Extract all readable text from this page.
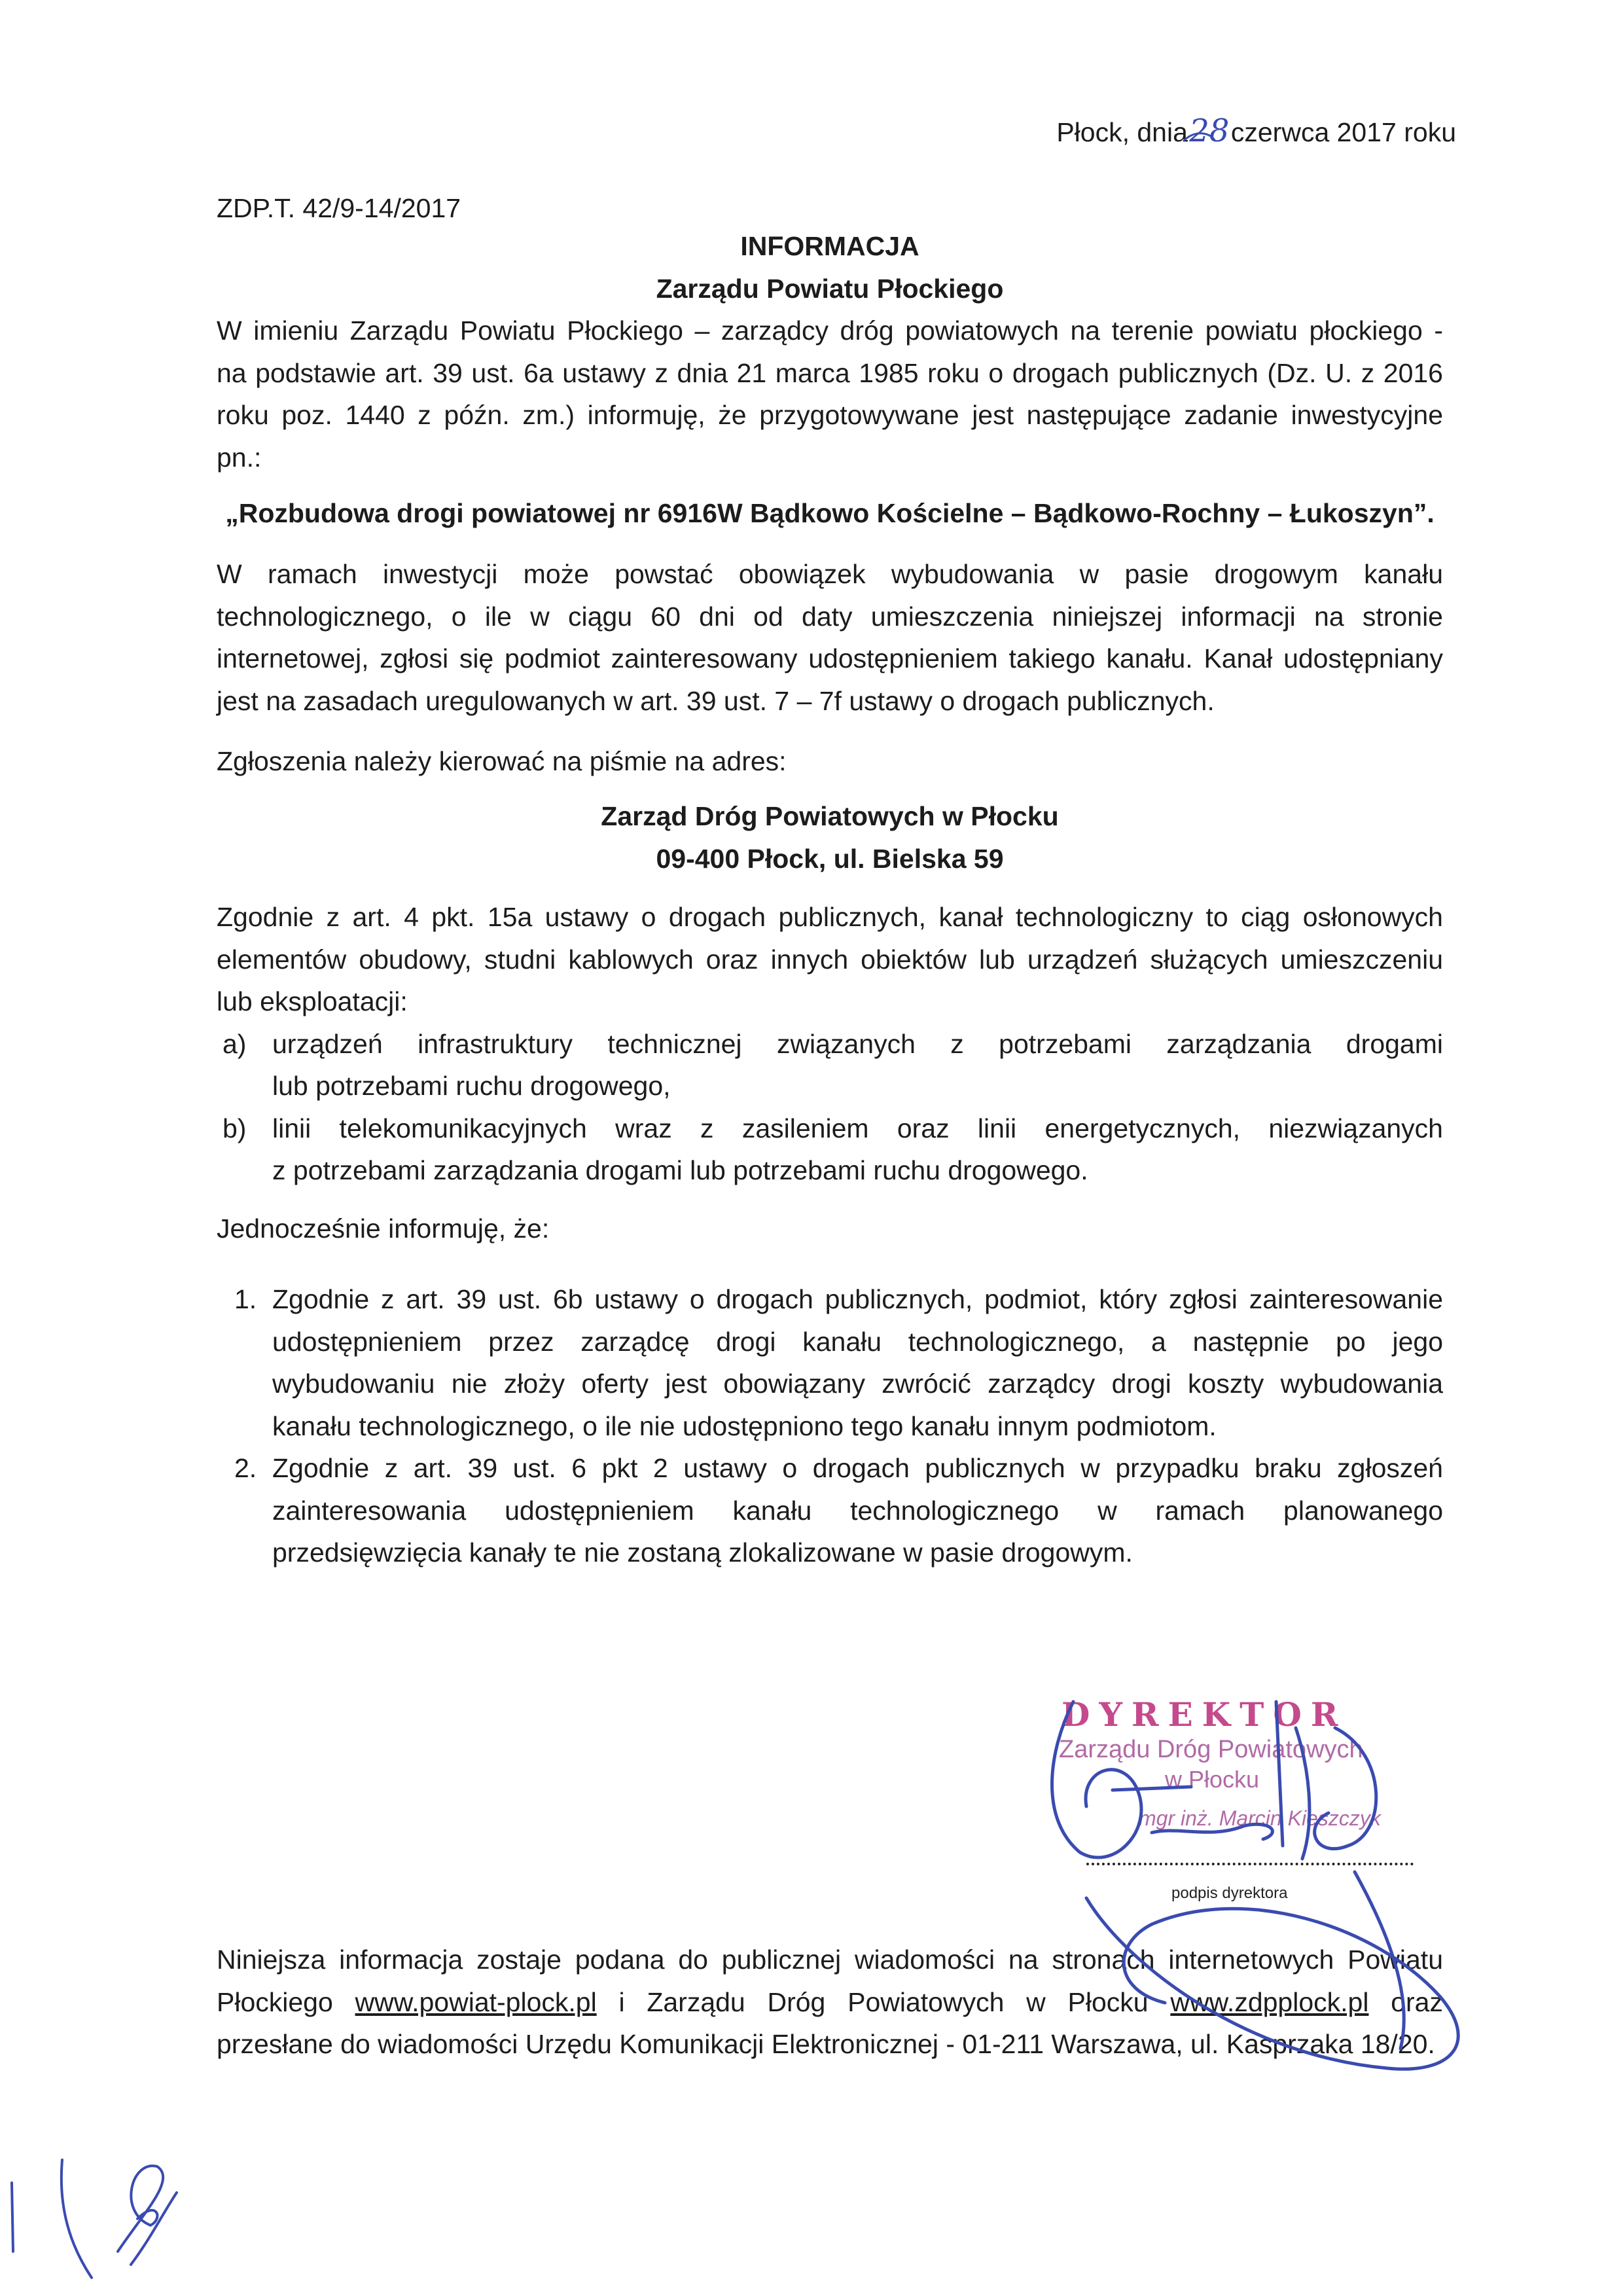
Płock, dnia28czerwca 2017 roku
ZDP.T. 42/9-14/2017
INFORMACJA
Zarządu Powiatu Płockiego
W imieniu Zarządu Powiatu Płockiego – zarządcy dróg powiatowych na terenie powiatu płockiego -
na podstawie art. 39 ust. 6a ustawy z dnia 21 marca 1985 roku o drogach publicznych (Dz. U. z 2016
roku poz. 1440 z późn. zm.) informuję, że przygotowywane jest następujące zadanie inwestycyjne
pn.:
„Rozbudowa drogi powiatowej nr 6916W Bądkowo Kościelne – Bądkowo-Rochny – Łukoszyn”.
W ramach inwestycji może powstać obowiązek wybudowania w pasie drogowym kanału
technologicznego, o ile w ciągu 60 dni od daty umieszczenia niniejszej informacji na stronie
internetowej, zgłosi się podmiot zainteresowany udostępnieniem takiego kanału. Kanał udostępniany
jest na zasadach uregulowanych w art. 39 ust. 7 – 7f ustawy o drogach publicznych.
Zgłoszenia należy kierować na piśmie na adres:
Zarząd Dróg Powiatowych w Płocku
09-400 Płock, ul. Bielska 59
Zgodnie z art. 4 pkt. 15a ustawy o drogach publicznych, kanał technologiczny to ciąg osłonowych
elementów obudowy, studni kablowych oraz innych obiektów lub urządzeń służących umieszczeniu
lub eksploatacji:
a) urządzeń infrastruktury technicznej związanych z potrzebami zarządzania drogami
lub potrzebami ruchu drogowego,
b) linii telekomunikacyjnych wraz z zasileniem oraz linii energetycznych, niezwiązanych
z potrzebami zarządzania drogami lub potrzebami ruchu drogowego.
Jednocześnie informuję, że:
1. Zgodnie z art. 39 ust. 6b ustawy o drogach publicznych, podmiot, który zgłosi zainteresowanie
udostępnieniem przez zarządcę drogi kanału technologicznego, a następnie po jego
wybudowaniu nie złoży oferty jest obowiązany zwrócić zarządcy drogi koszty wybudowania
kanału technologicznego, o ile nie udostępniono tego kanału innym podmiotom.
2. Zgodnie z art. 39 ust. 6 pkt 2 ustawy o drogach publicznych w przypadku braku zgłoszeń
zainteresowania udostępnieniem kanału technologicznego w ramach planowanego
przedsięwzięcia kanały te nie zostaną zlokalizowane w pasie drogowym.
DYREKTOR
Zarządu Dróg Powiatowych
w Płocku
mgr inż. Marcin Kieszczyk
podpis dyrektora
Niniejsza informacja zostaje podana do publicznej wiadomości na stronach internetowych Powiatu
Płockiego www.powiat-plock.pl i Zarządu Dróg Powiatowych w Płocku www.zdpplock.pl oraz
przesłane do wiadomości Urzędu Komunikacji Elektronicznej - 01-211 Warszawa, ul. Kasprzaka 18/20.
